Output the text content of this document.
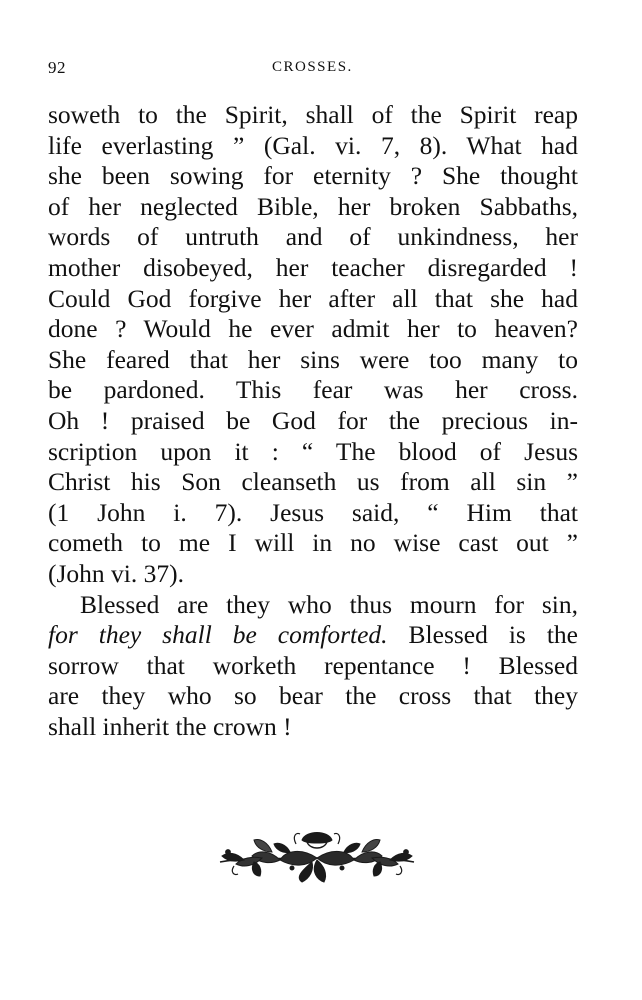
92	CROSSES.
soweth to the Spirit, shall of the Spirit reap
life everlasting ” (Gal. vi. 7, 8). What had
she been sowing for eternity ? She thought
of her neglected Bible, her broken Sabbaths,
words of untruth and of unkindness, her
mother disobeyed, her teacher disregarded !
Could God forgive her after all that she had
done ? Would he ever admit her to heaven?
She feared that her sins were too many to
be pardoned. This fear was her cross.
Oh ! praised be God for the precious in-
scription upon it : “ The blood of Jesus
Christ his Son cleanseth us from all sin ”
(1 John i. 7). Jesus said, “ Him that
cometh to me I will in no wise cast out ”
(John vi. 37).
Blessed are they who thus mourn for sin,
for they shall be comforted. Blessed is the
sorrow that worketh repentance ! Blessed
are they who so bear the cross that they
shall inherit the crown !
